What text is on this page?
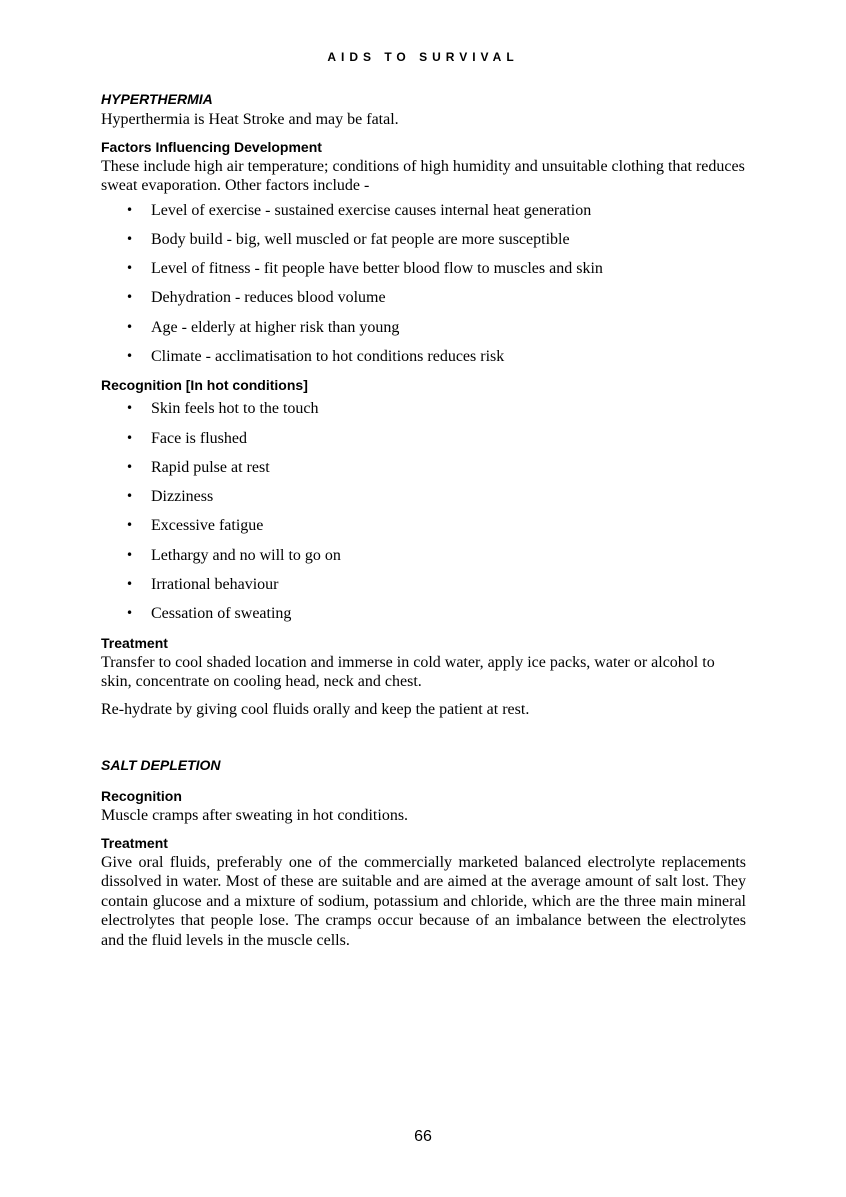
AIDS TO SURVIVAL

HYPERTHERMIA

Hyperthermia is Heat Stroke and may be fatal.

Factors Influencing Development

These include high air temperature; conditions of high humidity and unsuitable clothing that reduces sweat evaporation. Other factors include -

• Level of exercise - sustained exercise causes internal heat generation
• Body build - big, well muscled or fat people are more susceptible
• Level of fitness - fit people have better blood flow to muscles and skin
• Dehydration - reduces blood volume
• Age - elderly at higher risk than young
• Climate - acclimatisation to hot conditions reduces risk

Recognition [In hot conditions]

• Skin feels hot to the touch
• Face is flushed
• Rapid pulse at rest
• Dizziness
• Excessive fatigue
• Lethargy and no will to go on
• Irrational behaviour
• Cessation of sweating

Treatment

Transfer to cool shaded location and immerse in cold water, apply ice packs, water or alcohol to skin, concentrate on cooling head, neck and chest.

Re-hydrate by giving cool fluids orally and keep the patient at rest.

SALT DEPLETION

Recognition

Muscle cramps after sweating in hot conditions.

Treatment

Give oral fluids, preferably one of the commercially marketed balanced electrolyte replacements dissolved in water. Most of these are suitable and are aimed at the average amount of salt lost. They contain glucose and a mixture of sodium, potassium and chloride, which are the three main mineral electrolytes that people lose. The cramps occur because of an imbalance between the electrolytes and the fluid levels in the muscle cells.

66
